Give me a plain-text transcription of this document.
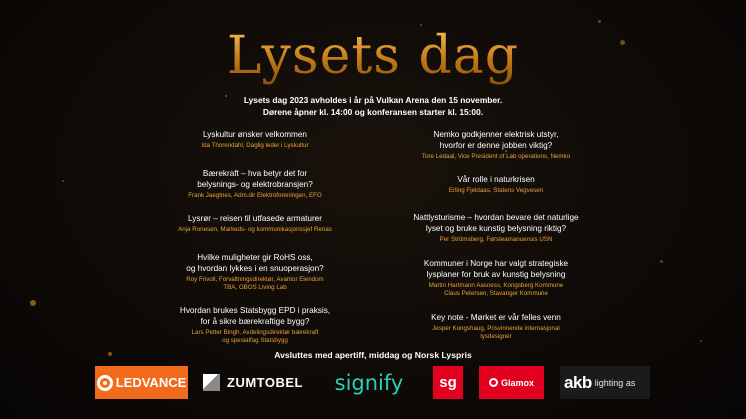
Lysets dag
Lysets dag 2023 avholdes i år på Vulkan Arena den 15 november.
Dørene åpner kl. 14:00 og konferansen starter kl. 15:00.
Lyskultur ønsker velkommen
Ida Thorendahl, Daglig leder i Lyskultur
Bærekraft – hva betyr det for
belysnings- og elektrobransjen?
Frank Jaegtnes, Adm.dir Elektroforeningen, EFO
Lysrør – reisen til utfasede armaturer
Anja Ronesen, Markeds- og kommunikasjonssjef Renas
Hvilke muligheter gir RoHS oss,
og hvordan lykkes i en snuoperasjon?
Roy Frivoll, Forvaltningsdirektør, Avantor Eiendom
TBA, OBOS Living Lab
Hvordan brukes Statsbygg EPD i praksis,
for å sikre bærekraftige bygg?
Lars Petter Bingh, Avdelingsdirektør bærekraft
og spesialfag Statsbygg
Nemko godkjenner elektrisk utstyr,
hvorfor er denne jobben viktig?
Tore Ledaal, Vice President of Lab operations, Nemko
Vår rolle i naturkrisen
Erling Fjeldaas, Statens Vegvesen
Nattlysturisme – hvordan bevare det naturlige
lyset og bruke kunstig belysning riktig?
Per Strömsberg, Førsteamanuensis USN
Kommuner i Norge har valgt strategiske
lysplaner for bruk av kunstig belysning
Martin Hartmann Aasness, Kongsberg Kommune
Claus Petersen, Stavanger Kommune
Key note - Mørket er vår felles venn
Jesper Kongshaug, Prisvinnende internasjonal
lysdesigner
Avsluttes med apertiff, middag og Norsk Lyspris
LEDVANCE	ZUMTOBEL signify sg	Glamox akb lighting as
